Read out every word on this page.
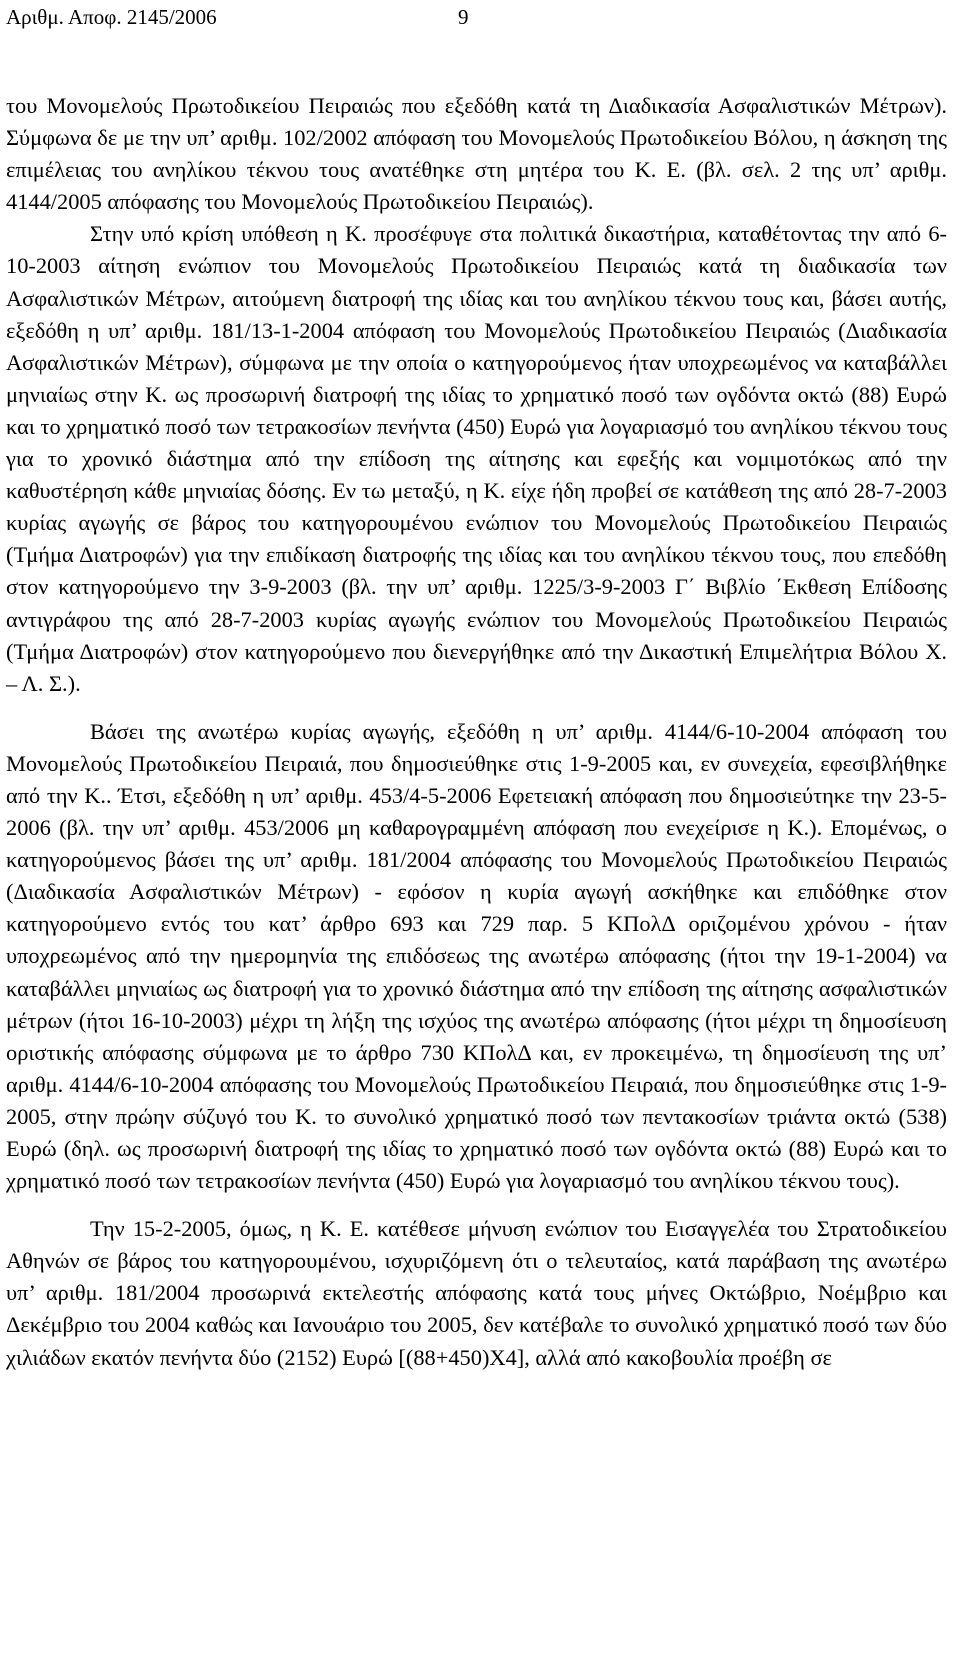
Αριθμ. Αποφ. 2145/2006	9

του Μονομελούς Πρωτοδικείου Πειραιώς που εξεδόθη κατά τη Διαδικασία Ασφαλιστικών Μέτρων). Σύμφωνα δε με την υπ’ αριθμ. 102/2002 απόφαση του Μονομελούς Πρωτοδικείου Βόλου, η άσκηση της επιμέλειας του ανηλίκου τέκνου τους ανατέθηκε στη μητέρα του Κ. Ε. (βλ. σελ. 2 της υπ’ αριθμ. 4144/2005 απόφασης του Μονομελούς Πρωτοδικείου Πειραιώς).

Στην υπό κρίση υπόθεση η Κ. προσέφυγε στα πολιτικά δικαστήρια, καταθέτοντας την από 6-10-2003 αίτηση ενώπιον του Μονομελούς Πρωτοδικείου Πειραιώς κατά τη διαδικασία των Ασφαλιστικών Μέτρων, αιτούμενη διατροφή της ιδίας και του ανηλίκου τέκνου τους και, βάσει αυτής, εξεδόθη η υπ’ αριθμ. 181/13-1-2004 απόφαση του Μονομελούς Πρωτοδικείου Πειραιώς (Διαδικασία Ασφαλιστικών Μέτρων), σύμφωνα με την οποία ο κατηγορούμενος ήταν υποχρεωμένος να καταβάλλει μηνιαίως στην Κ. ως προσωρινή διατροφή της ιδίας το χρηματικό ποσό των ογδόντα οκτώ (88) Ευρώ και το χρηματικό ποσό των τετρακοσίων πενήντα (450) Ευρώ για λογαριασμό του ανηλίκου τέκνου τους για το χρονικό διάστημα από την επίδοση της αίτησης και εφεξής και νομιμοτόκως από την καθυστέρηση κάθε μηνιαίας δόσης. Εν τω μεταξύ, η Κ. είχε ήδη προβεί σε κατάθεση της από 28-7-2003 κυρίας αγωγής σε βάρος του κατηγορουμένου ενώπιον του Μονομελούς Πρωτοδικείου Πειραιώς (Τμήμα Διατροφών) για την επιδίκαση διατροφής της ιδίας και του ανηλίκου τέκνου τους, που επεδόθη στον κατηγορούμενο την 3-9-2003 (βλ. την υπ’ αριθμ. 1225/3-9-2003 Γ΄ Βιβλίο ΄Εκθεση Επίδοσης αντιγράφου της από 28-7-2003 κυρίας αγωγής ενώπιον του Μονομελούς Πρωτοδικείου Πειραιώς (Τμήμα Διατροφών) στον κατηγορούμενο που διενεργήθηκε από την Δικαστική Επιμελήτρια Βόλου Χ. – Λ. Σ.).

Βάσει της ανωτέρω κυρίας αγωγής, εξεδόθη η υπ’ αριθμ. 4144/6-10-2004 απόφαση του Μονομελούς Πρωτοδικείου Πειραιά, που δημοσιεύθηκε στις 1-9-2005 και, εν συνεχεία, εφεσιβλήθηκε από την Κ.. Έτσι, εξεδόθη η υπ’ αριθμ. 453/4-5-2006 Εφετειακή απόφαση που δημοσιεύτηκε την 23-5-2006 (βλ. την υπ’ αριθμ. 453/2006 μη καθαρογραμμένη απόφαση που ενεχείρισε η Κ.). Επομένως, ο κατηγορούμενος βάσει της υπ’ αριθμ. 181/2004 απόφασης του Μονομελούς Πρωτοδικείου Πειραιώς (Διαδικασία Ασφαλιστικών Μέτρων) - εφόσον η κυρία αγωγή ασκήθηκε και επιδόθηκε στον κατηγορούμενο εντός του κατ’ άρθρο 693 και 729 παρ. 5 ΚΠολΔ οριζομένου χρόνου - ήταν υποχρεωμένος από την ημερομηνία της επιδόσεως της ανωτέρω απόφασης (ήτοι την 19-1-2004) να καταβάλλει μηνιαίως ως διατροφή για το χρονικό διάστημα από την επίδοση της αίτησης ασφαλιστικών μέτρων (ήτοι 16-10-2003) μέχρι τη λήξη της ισχύος της ανωτέρω απόφασης (ήτοι μέχρι τη δημοσίευση οριστικής απόφασης σύμφωνα με το άρθρο 730 ΚΠολΔ και, εν προκειμένω, τη δημοσίευση της υπ’ αριθμ. 4144/6-10-2004 απόφασης του Μονομελούς Πρωτοδικείου Πειραιά, που δημοσιεύθηκε στις 1-9-2005, στην πρώην σύζυγό του Κ. το συνολικό χρηματικό ποσό των πεντακοσίων τριάντα οκτώ (538) Ευρώ (δηλ. ως προσωρινή διατροφή της ιδίας το χρηματικό ποσό των ογδόντα οκτώ (88) Ευρώ και το χρηματικό ποσό των τετρακοσίων πενήντα (450) Ευρώ για λογαριασμό του ανηλίκου τέκνου τους).

Την 15-2-2005, όμως, η Κ. Ε. κατέθεσε μήνυση ενώπιον του Εισαγγελέα του Στρατοδικείου Αθηνών σε βάρος του κατηγορουμένου, ισχυριζόμενη ότι ο τελευταίος, κατά παράβαση της ανωτέρω υπ’ αριθμ. 181/2004 προσωρινά εκτελεστής απόφασης κατά τους μήνες Οκτώβριο, Νοέμβριο και Δεκέμβριο του 2004 καθώς και Ιανουάριο του 2005, δεν κατέβαλε το συνολικό χρηματικό ποσό των δύο χιλιάδων εκατόν πενήντα δύο (2152) Ευρώ [(88+450)Χ4], αλλά από κακοβουλία προέβη σε
